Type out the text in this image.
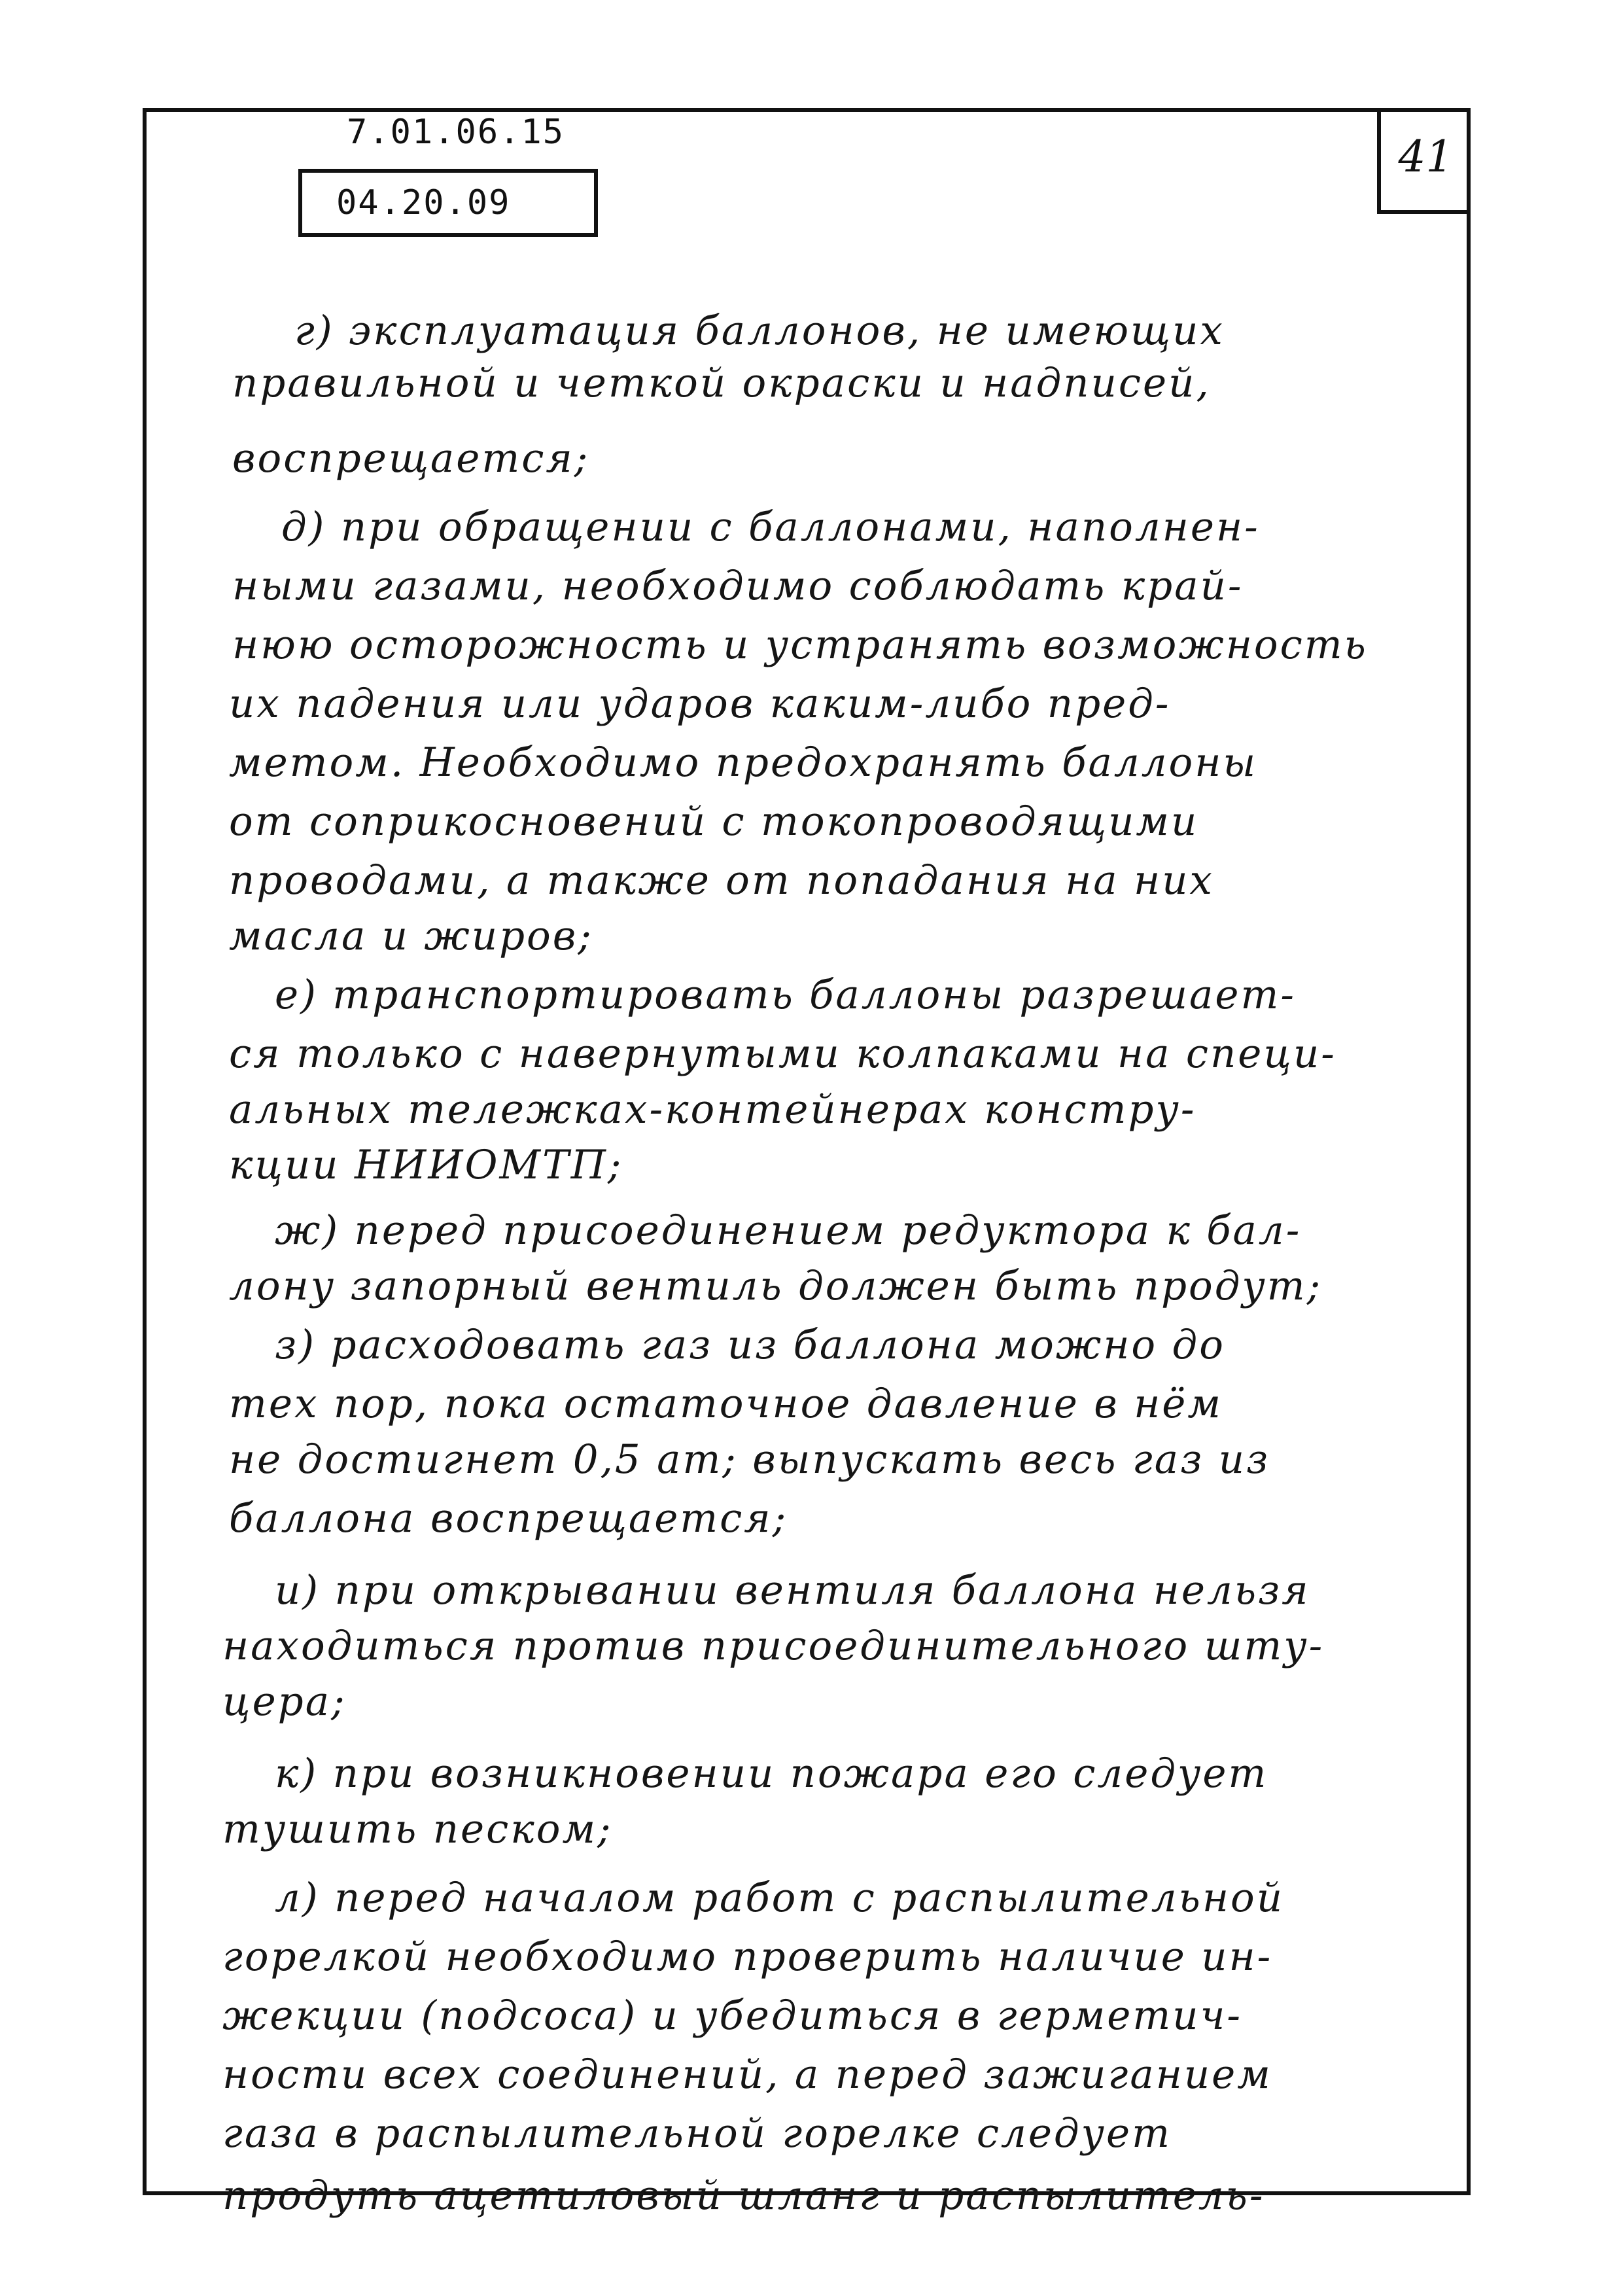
7.01.06.15
04.20.09
41
г) эксплуатация баллонов, не имеющих
правильной и четкой окраски и надписей,
воспрещается;
д) при обращении с баллонами, наполнен-
ными газами, необходимо соблюдать край-
нюю осторожность и устранять возможность
их падения или ударов каким-либо пред-
метом. Необходимо предохранять баллоны
от соприкосновений с токопроводящими
проводами, а также от попадания на них
масла и жиров;
е) транспортировать баллоны разрешает-
ся только с навернутыми колпаками на специ-
альных тележках-контейнерах констру-
кции НИИОМТП;
ж) перед присоединением редуктора к бал-
лону запорный вентиль должен быть продут;
з) расходовать газ из баллона можно до
тех пор, пока остаточное давление в нём
не достигнет 0,5 ат; выпускать весь газ из
баллона воспрещается;
и) при открывании вентиля баллона нельзя
находиться против присоединительного шту-
цера;
к) при возникновении пожара его следует
тушить песком;
л) перед началом работ с распылительной
горелкой необходимо проверить наличие ин-
жекции (подсоса) и убедиться в герметич-
ности всех соединений, а перед зажиганием
газа в распылительной горелке следует
продуть ацетиловый шланг и распылитель-
